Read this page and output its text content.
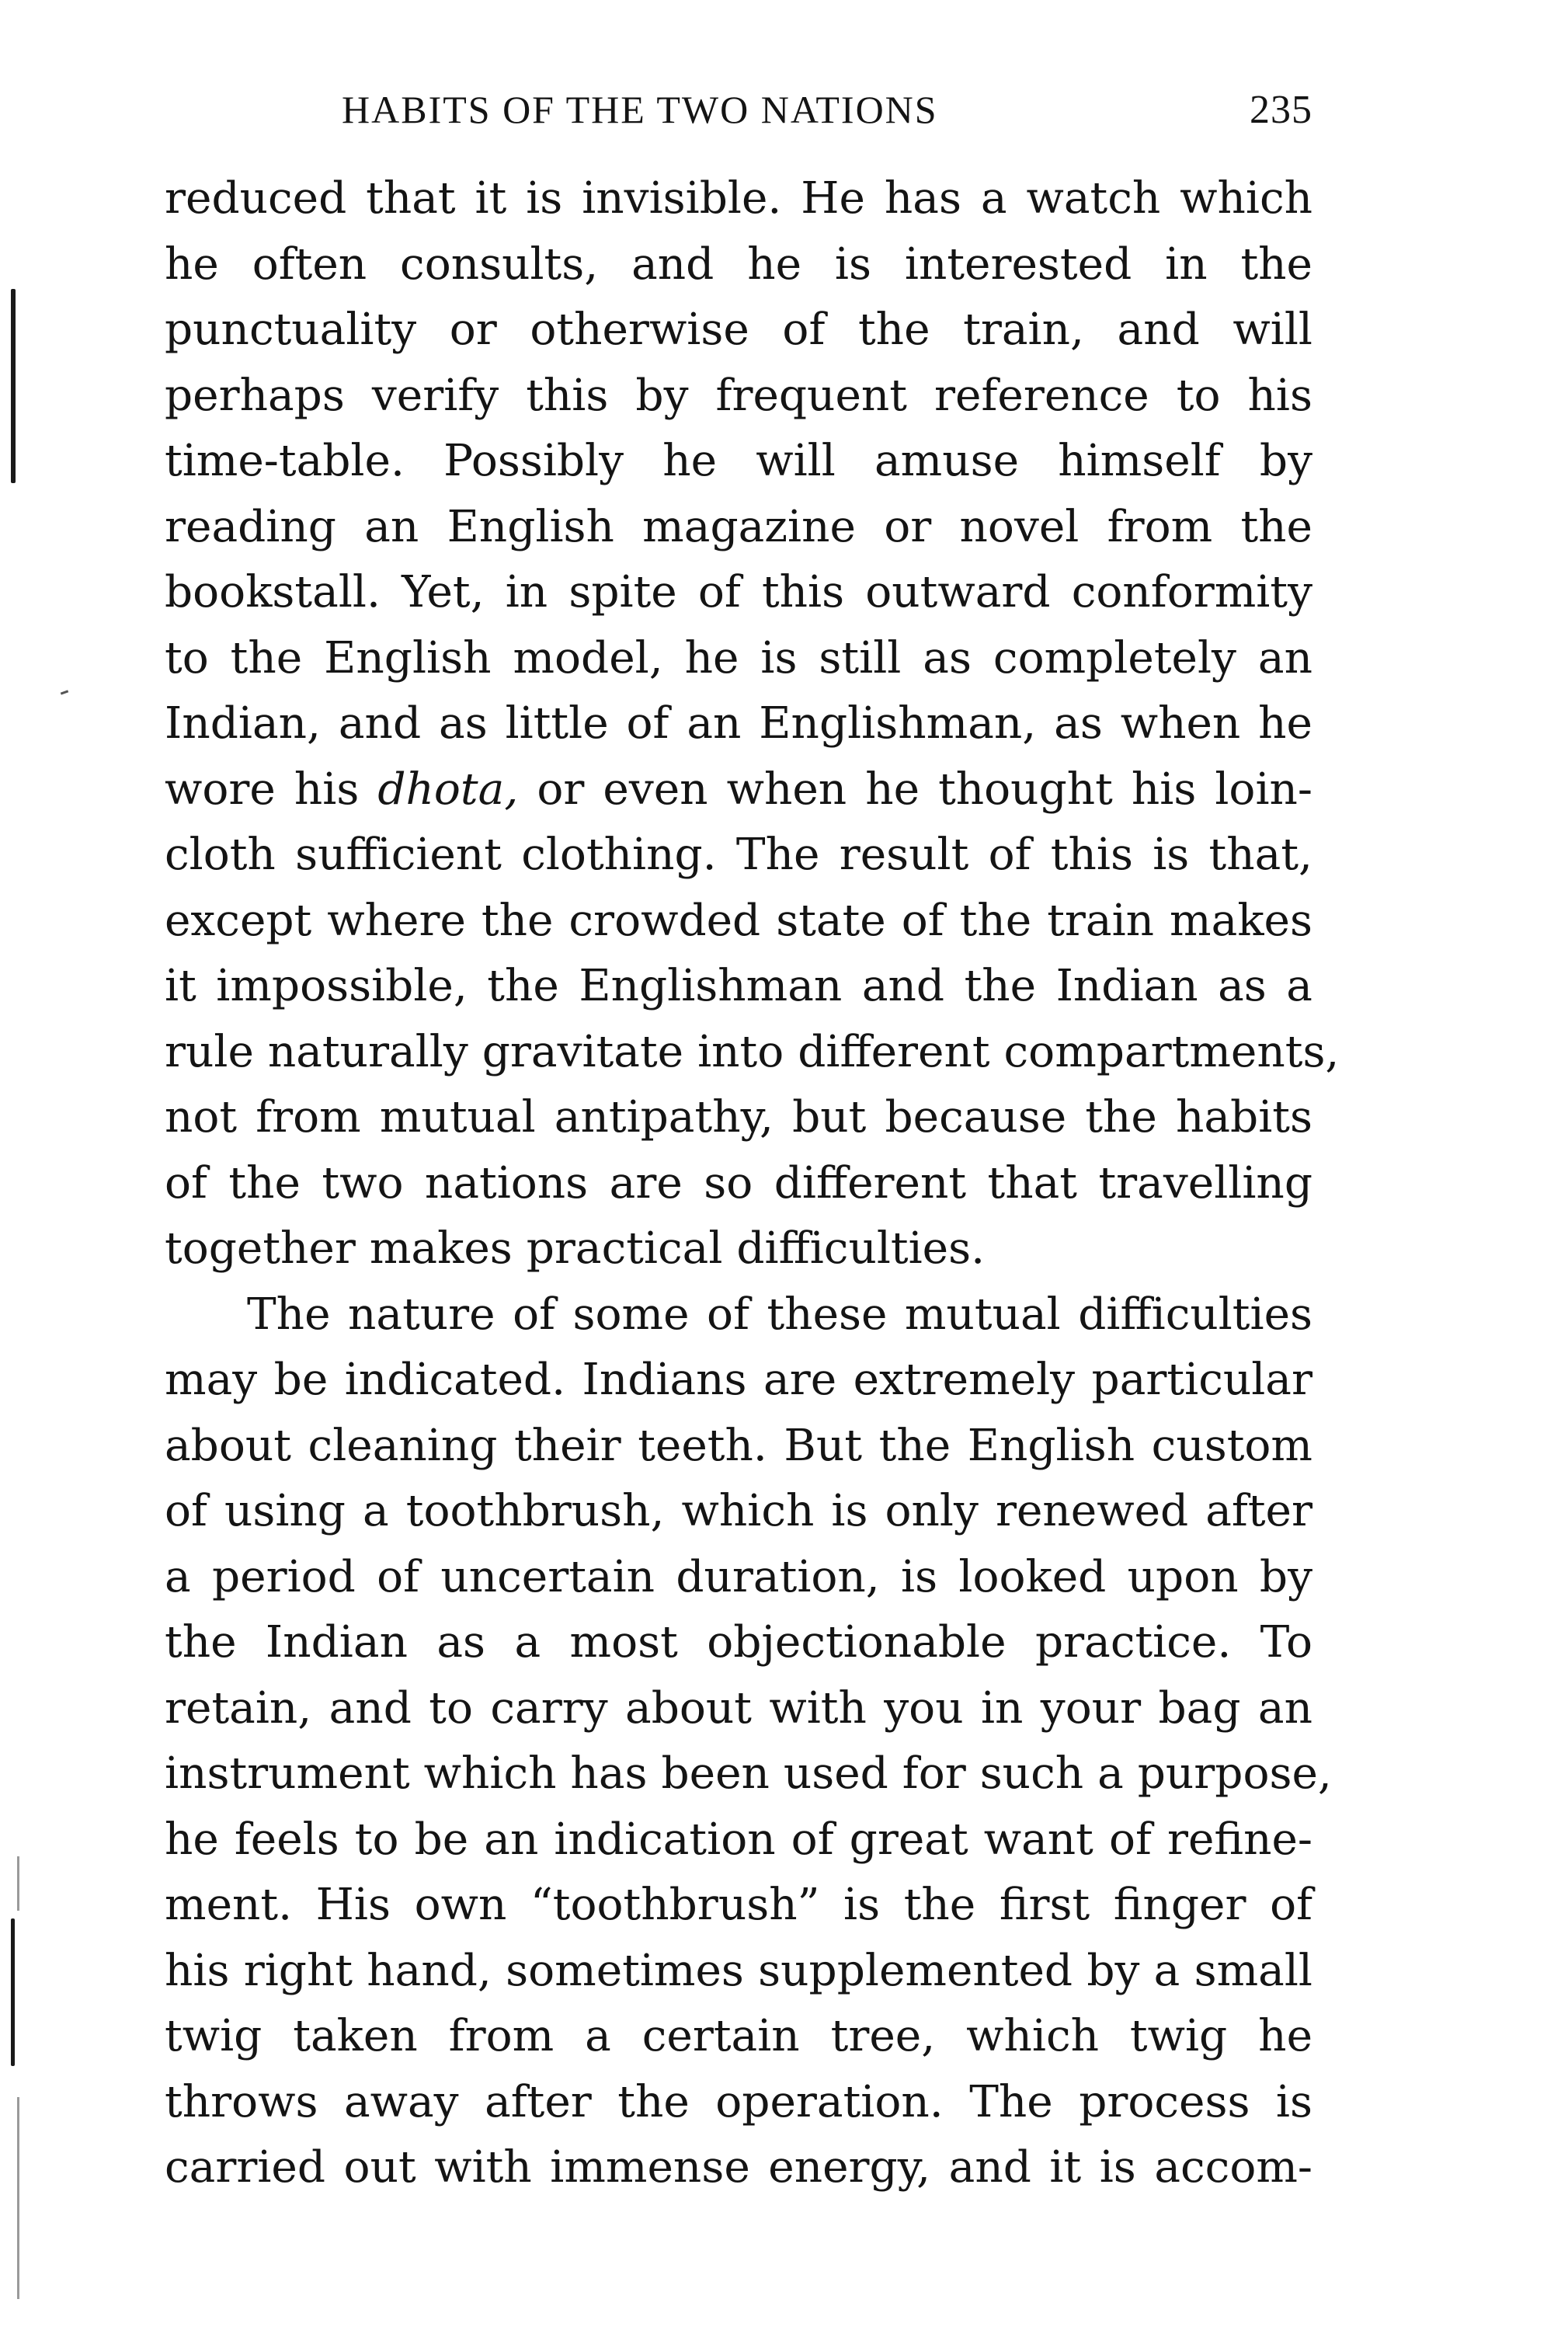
HABITS OF THE TWO NATIONS	235
reduced that it is invisible. He has a watch which
he often consults, and he is interested in the
punctuality or otherwise of the train, and will
perhaps verify this by frequent reference to his
time-table. Possibly he will amuse himself by
reading an English magazine or novel from the
bookstall. Yet, in spite of this outward conformity
to the English model, he is still as completely an
Indian, and as little of an Englishman, as when he
wore his dhota, or even when he thought his loin-
cloth sufficient clothing. The result of this is that,
except where the crowded state of the train makes
it impossible, the Englishman and the Indian as a
rule naturally gravitate into different compartments,
not from mutual antipathy, but because the habits
of the two nations are so different that travelling
together makes practical difficulties.
The nature of some of these mutual difficulties
may be indicated. Indians are extremely particular
about cleaning their teeth. But the English custom
of using a toothbrush, which is only renewed after
a period of uncertain duration, is looked upon by
the Indian as a most objectionable practice. To
retain, and to carry about with you in your bag an
instrument which has been used for such a purpose,
he feels to be an indication of great want of refine-
ment. His own “toothbrush” is the first finger of
his right hand, sometimes supplemented by a small
twig taken from a certain tree, which twig he
throws away after the operation. The process is
carried out with immense energy, and it is accom-
